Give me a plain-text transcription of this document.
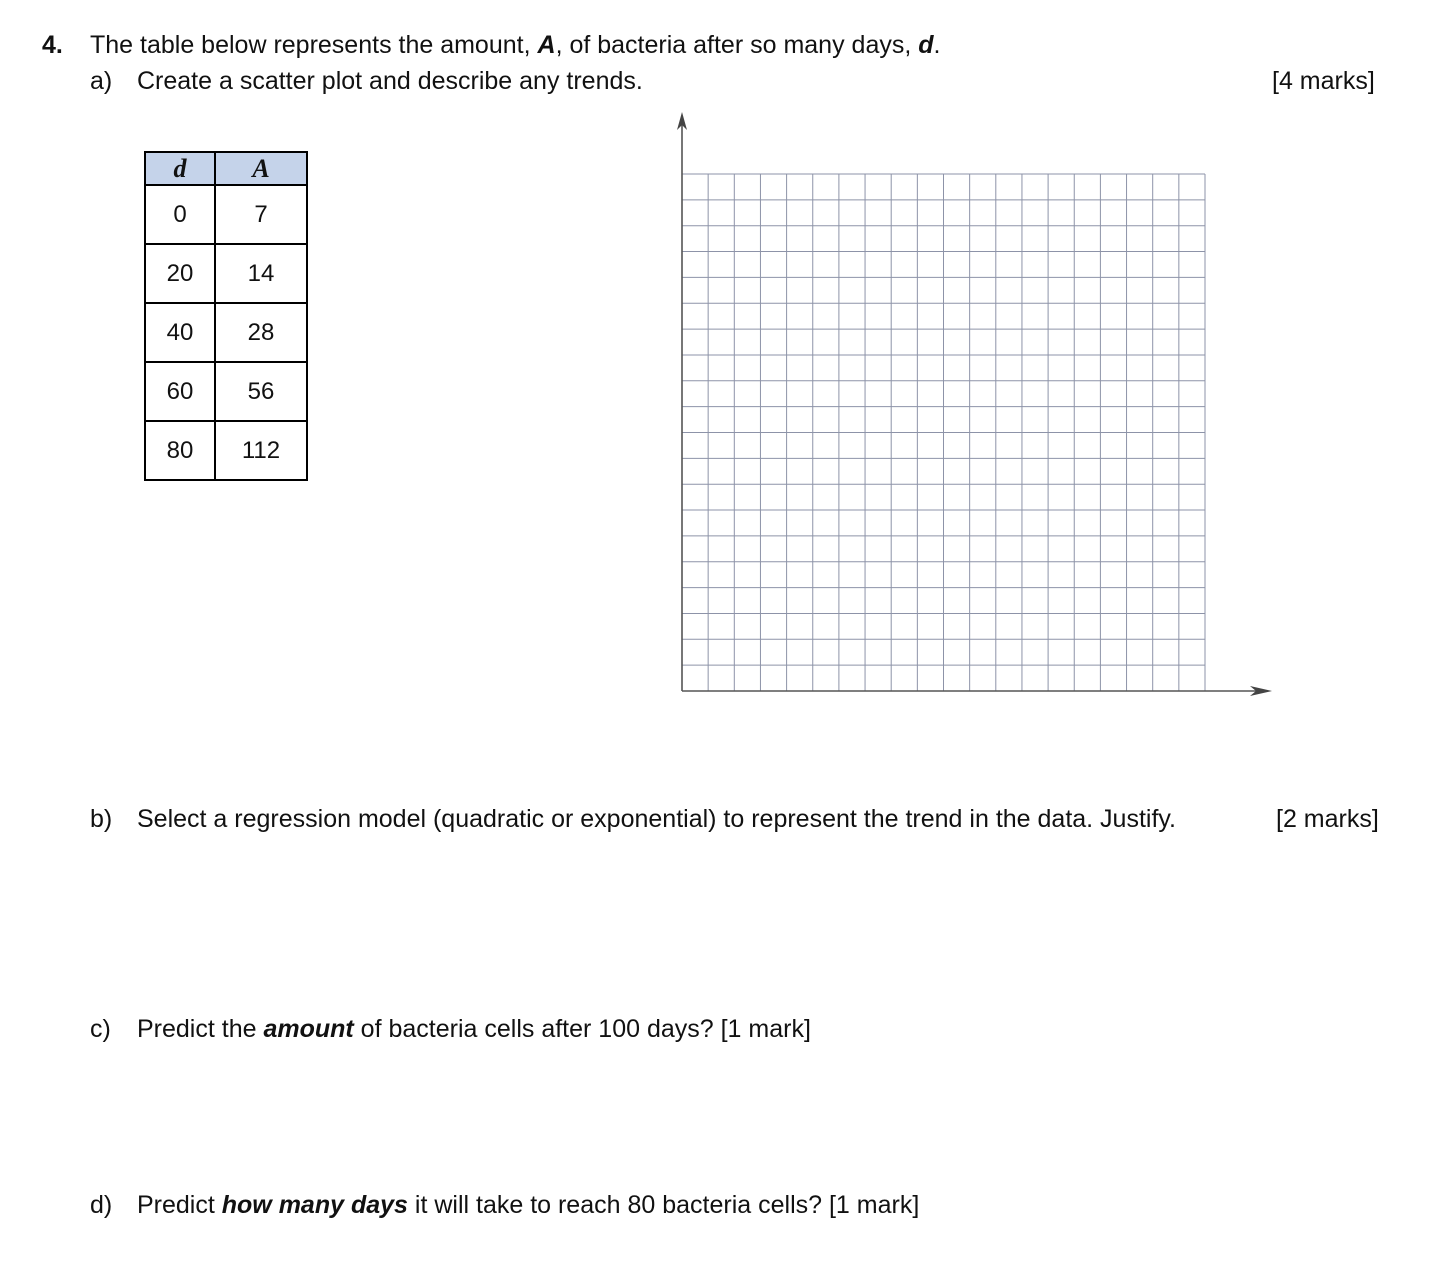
4. The table below represents the amount, A, of bacteria after so many days, d.
a) Create a scatter plot and describe any trends.	[4 marks]
d	A
0	7
20	14
40	28
60	56
80	112
b) Select a regression model (quadratic or exponential) to represent the trend in the data. Justify.	[2 marks]
c) Predict the amount of bacteria cells after 100 days? [1 mark]
d) Predict how many days it will take to reach 80 bacteria cells? [1 mark]
